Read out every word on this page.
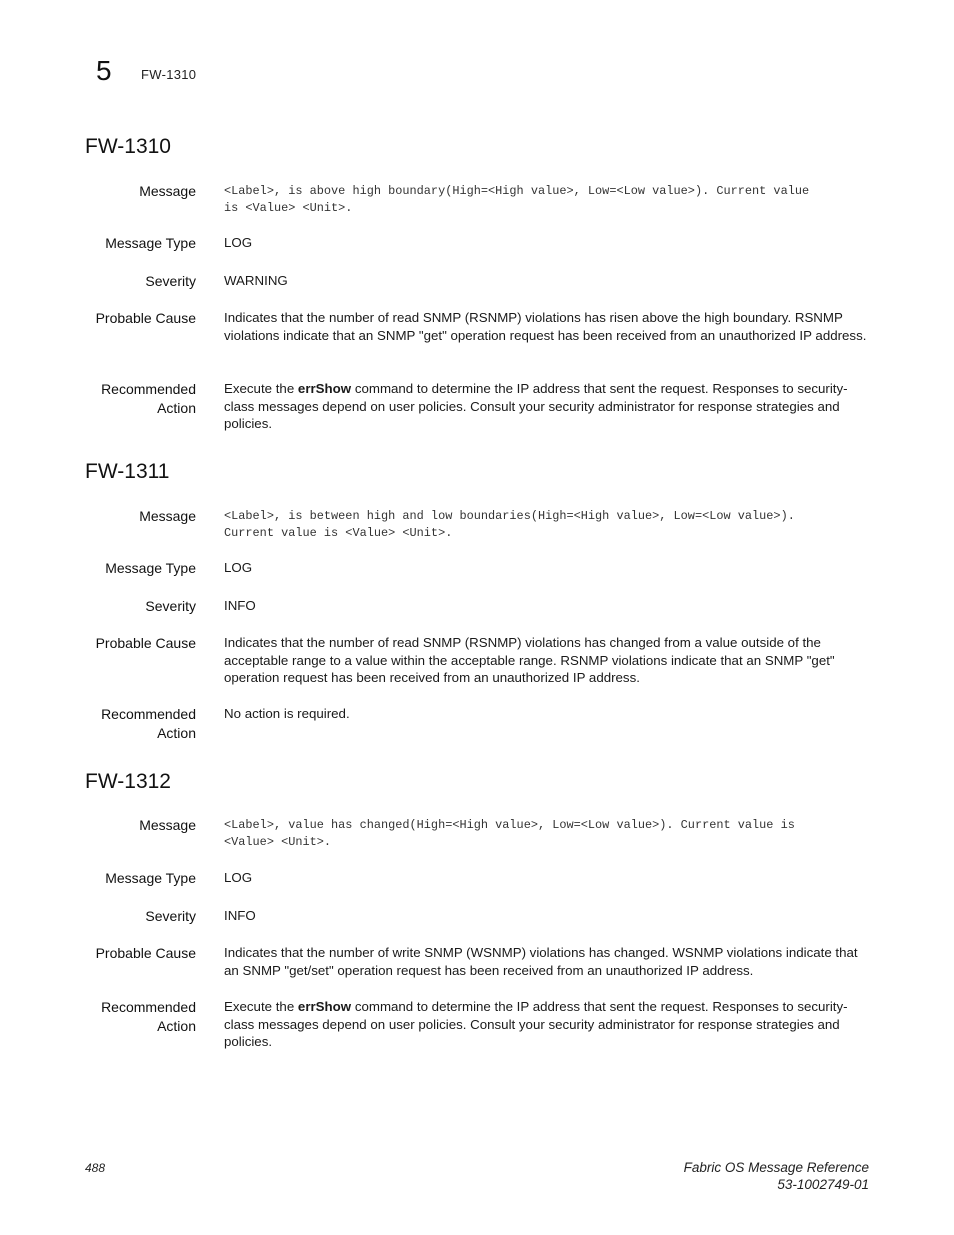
5 FW-1310
FW-1310
Message <Label>, is above high boundary(High=<High value>, Low=<Low value>). Current value
is <Value> <Unit>.
Message Type LOG
Severity WARNING
Probable Cause Indicates that the number of read SNMP (RSNMP) violations has risen above the high boundary. RSNMP violations indicate that an SNMP "get" operation request has been received from an unauthorized IP address.
Recommended
Action
Execute the errShow command to determine the IP address that sent the request. Responses to security-class messages depend on user policies. Consult your security administrator for response strategies and policies.
FW-1311
Message <Label>, is between high and low boundaries(High=<High value>, Low=<Low value>).
Current value is <Value> <Unit>.
Message Type LOG
Severity INFO
Probable Cause Indicates that the number of read SNMP (RSNMP) violations has changed from a value outside of the acceptable range to a value within the acceptable range. RSNMP violations indicate that an SNMP "get" operation request has been received from an unauthorized IP address.
Recommended
Action
No action is required.
FW-1312
Message <Label>, value has changed(High=<High value>, Low=<Low value>). Current value is
<Value> <Unit>.
Message Type LOG
Severity INFO
Probable Cause Indicates that the number of write SNMP (WSNMP) violations has changed. WSNMP violations indicate that an SNMP "get/set" operation request has been received from an unauthorized IP address.
Recommended
Action
Execute the errShow command to determine the IP address that sent the request. Responses to security-class messages depend on user policies. Consult your security administrator for response strategies and policies.
488	Fabric OS Message Reference
53-1002749-01
